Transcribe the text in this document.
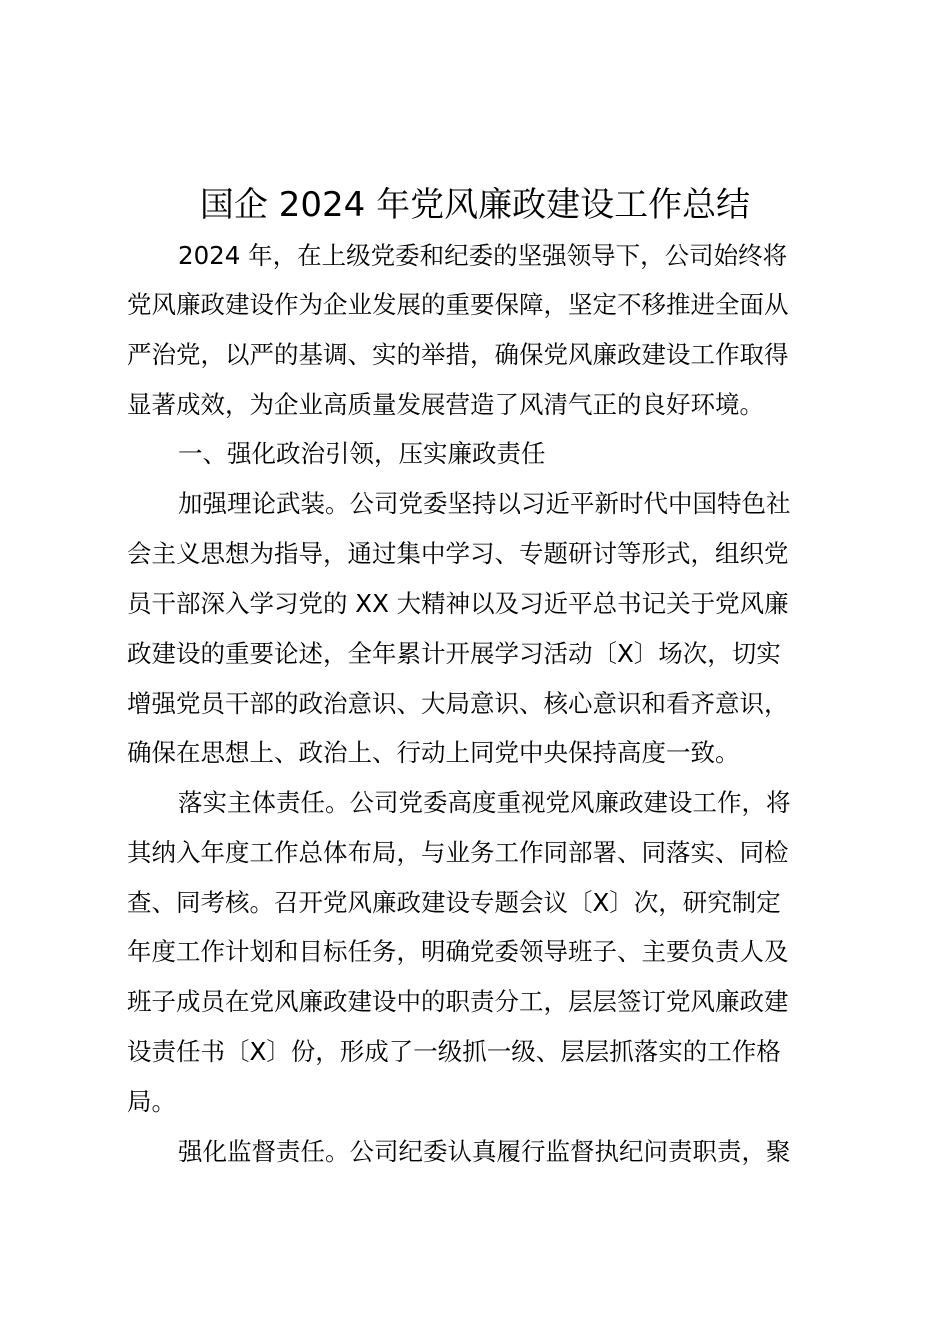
国企 2024 年党风廉政建设工作总结

2024 年，在上级党委和纪委的坚强领导下，公司始终将

党风廉政建设作为企业发展的重要保障，坚定不移推进全面从

严治党，以严的基调、实的举措，确保党风廉政建设工作取得

显著成效，为企业高质量发展营造了风清气正的良好环境。

一、强化政治引领，压实廉政责任

加强理论武装。公司党委坚持以习近平新时代中国特色社

会主义思想为指导，通过集中学习、专题研讨等形式，组织党

员干部深入学习党的 XX 大精神以及习近平总书记关于党风廉

政建设的重要论述，全年累计开展学习活动〔X〕场次，切实

增强党员干部的政治意识、大局意识、核心意识和看齐意识，

确保在思想上、政治上、行动上同党中央保持高度一致。

落实主体责任。公司党委高度重视党风廉政建设工作，将

其纳入年度工作总体布局，与业务工作同部署、同落实、同检

查、同考核。召开党风廉政建设专题会议〔X〕次，研究制定

年度工作计划和目标任务，明确党委领导班子、主要负责人及

班子成员在党风廉政建设中的职责分工，层层签订党风廉政建

设责任书〔X〕份，形成了一级抓一级、层层抓落实的工作格

局。

强化监督责任。公司纪委认真履行监督执纪问责职责，聚
